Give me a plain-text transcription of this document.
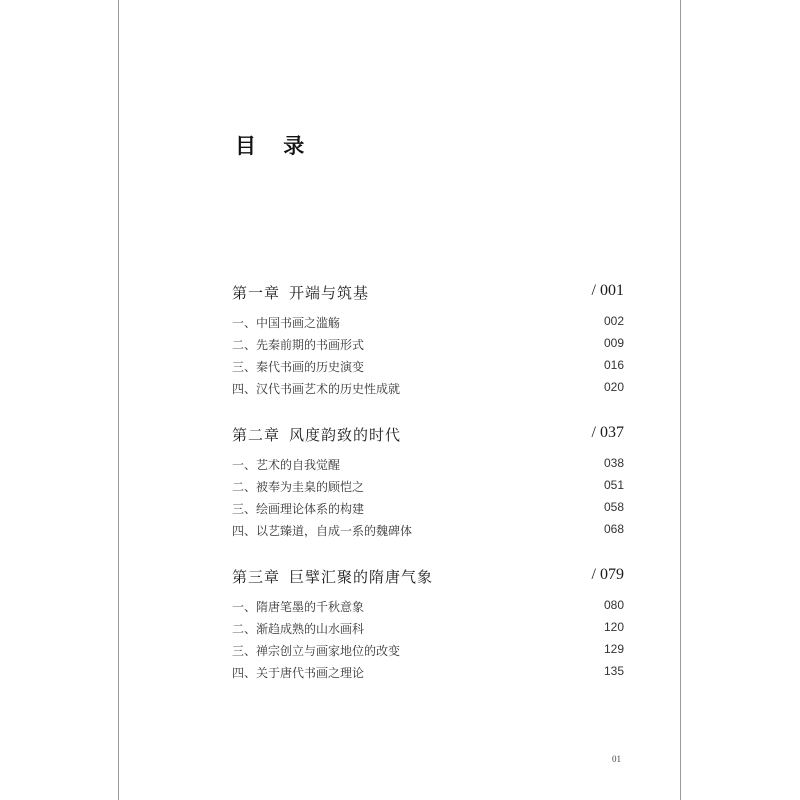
目 录
第一章 开端与筑基	/ 001
一、中国书画之滥觞	002
二、先秦前期的书画形式	009
三、秦代书画的历史演变	016
四、汉代书画艺术的历史性成就	020
第二章 风度韵致的时代	/ 037
一、艺术的自我觉醒	038
二、被奉为圭臬的顾恺之	051
三、绘画理论体系的构建	058
四、以艺臻道，自成一系的魏碑体	068
第三章 巨擘汇聚的隋唐气象	/ 079
一、隋唐笔墨的千秋意象	080
二、渐趋成熟的山水画科	120
三、禅宗创立与画家地位的改变	129
四、关于唐代书画之理论	135
01
